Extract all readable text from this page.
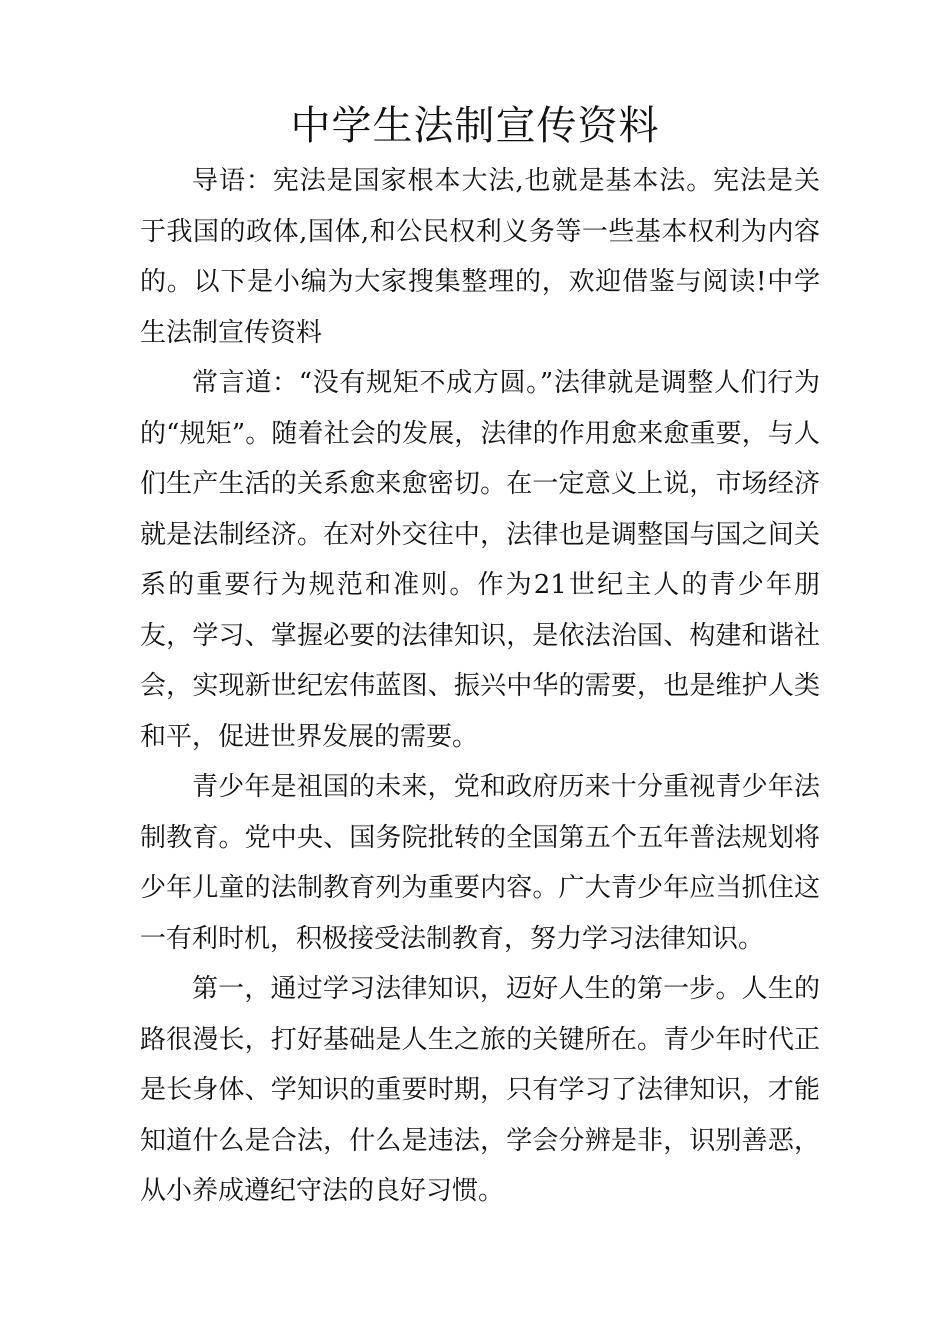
中学生法制宣传资料

导语：宪法是国家根本大法,也就是基本法。宪法是关于我国的政体,国体,和公民权利义务等一些基本权利为内容的。以下是小编为大家搜集整理的，欢迎借鉴与阅读!中学生法制宣传资料

常言道：“没有规矩不成方圆。”法律就是调整人们行为的“规矩”。随着社会的发展，法律的作用愈来愈重要，与人们生产生活的关系愈来愈密切。在一定意义上说，市场经济就是法制经济。在对外交往中，法律也是调整国与国之间关系的重要行为规范和准则。作为21世纪主人的青少年朋友，学习、掌握必要的法律知识，是依法治国、构建和谐社会，实现新世纪宏伟蓝图、振兴中华的需要，也是维护人类和平，促进世界发展的需要。

青少年是祖国的未来，党和政府历来十分重视青少年法制教育。党中央、国务院批转的全国第五个五年普法规划将少年儿童的法制教育列为重要内容。广大青少年应当抓住这一有利时机，积极接受法制教育，努力学习法律知识。

第一，通过学习法律知识，迈好人生的第一步。人生的路很漫长，打好基础是人生之旅的关键所在。青少年时代正是长身体、学知识的重要时期，只有学习了法律知识，才能知道什么是合法，什么是违法，学会分辨是非，识别善恶，从小养成遵纪守法的良好习惯。
